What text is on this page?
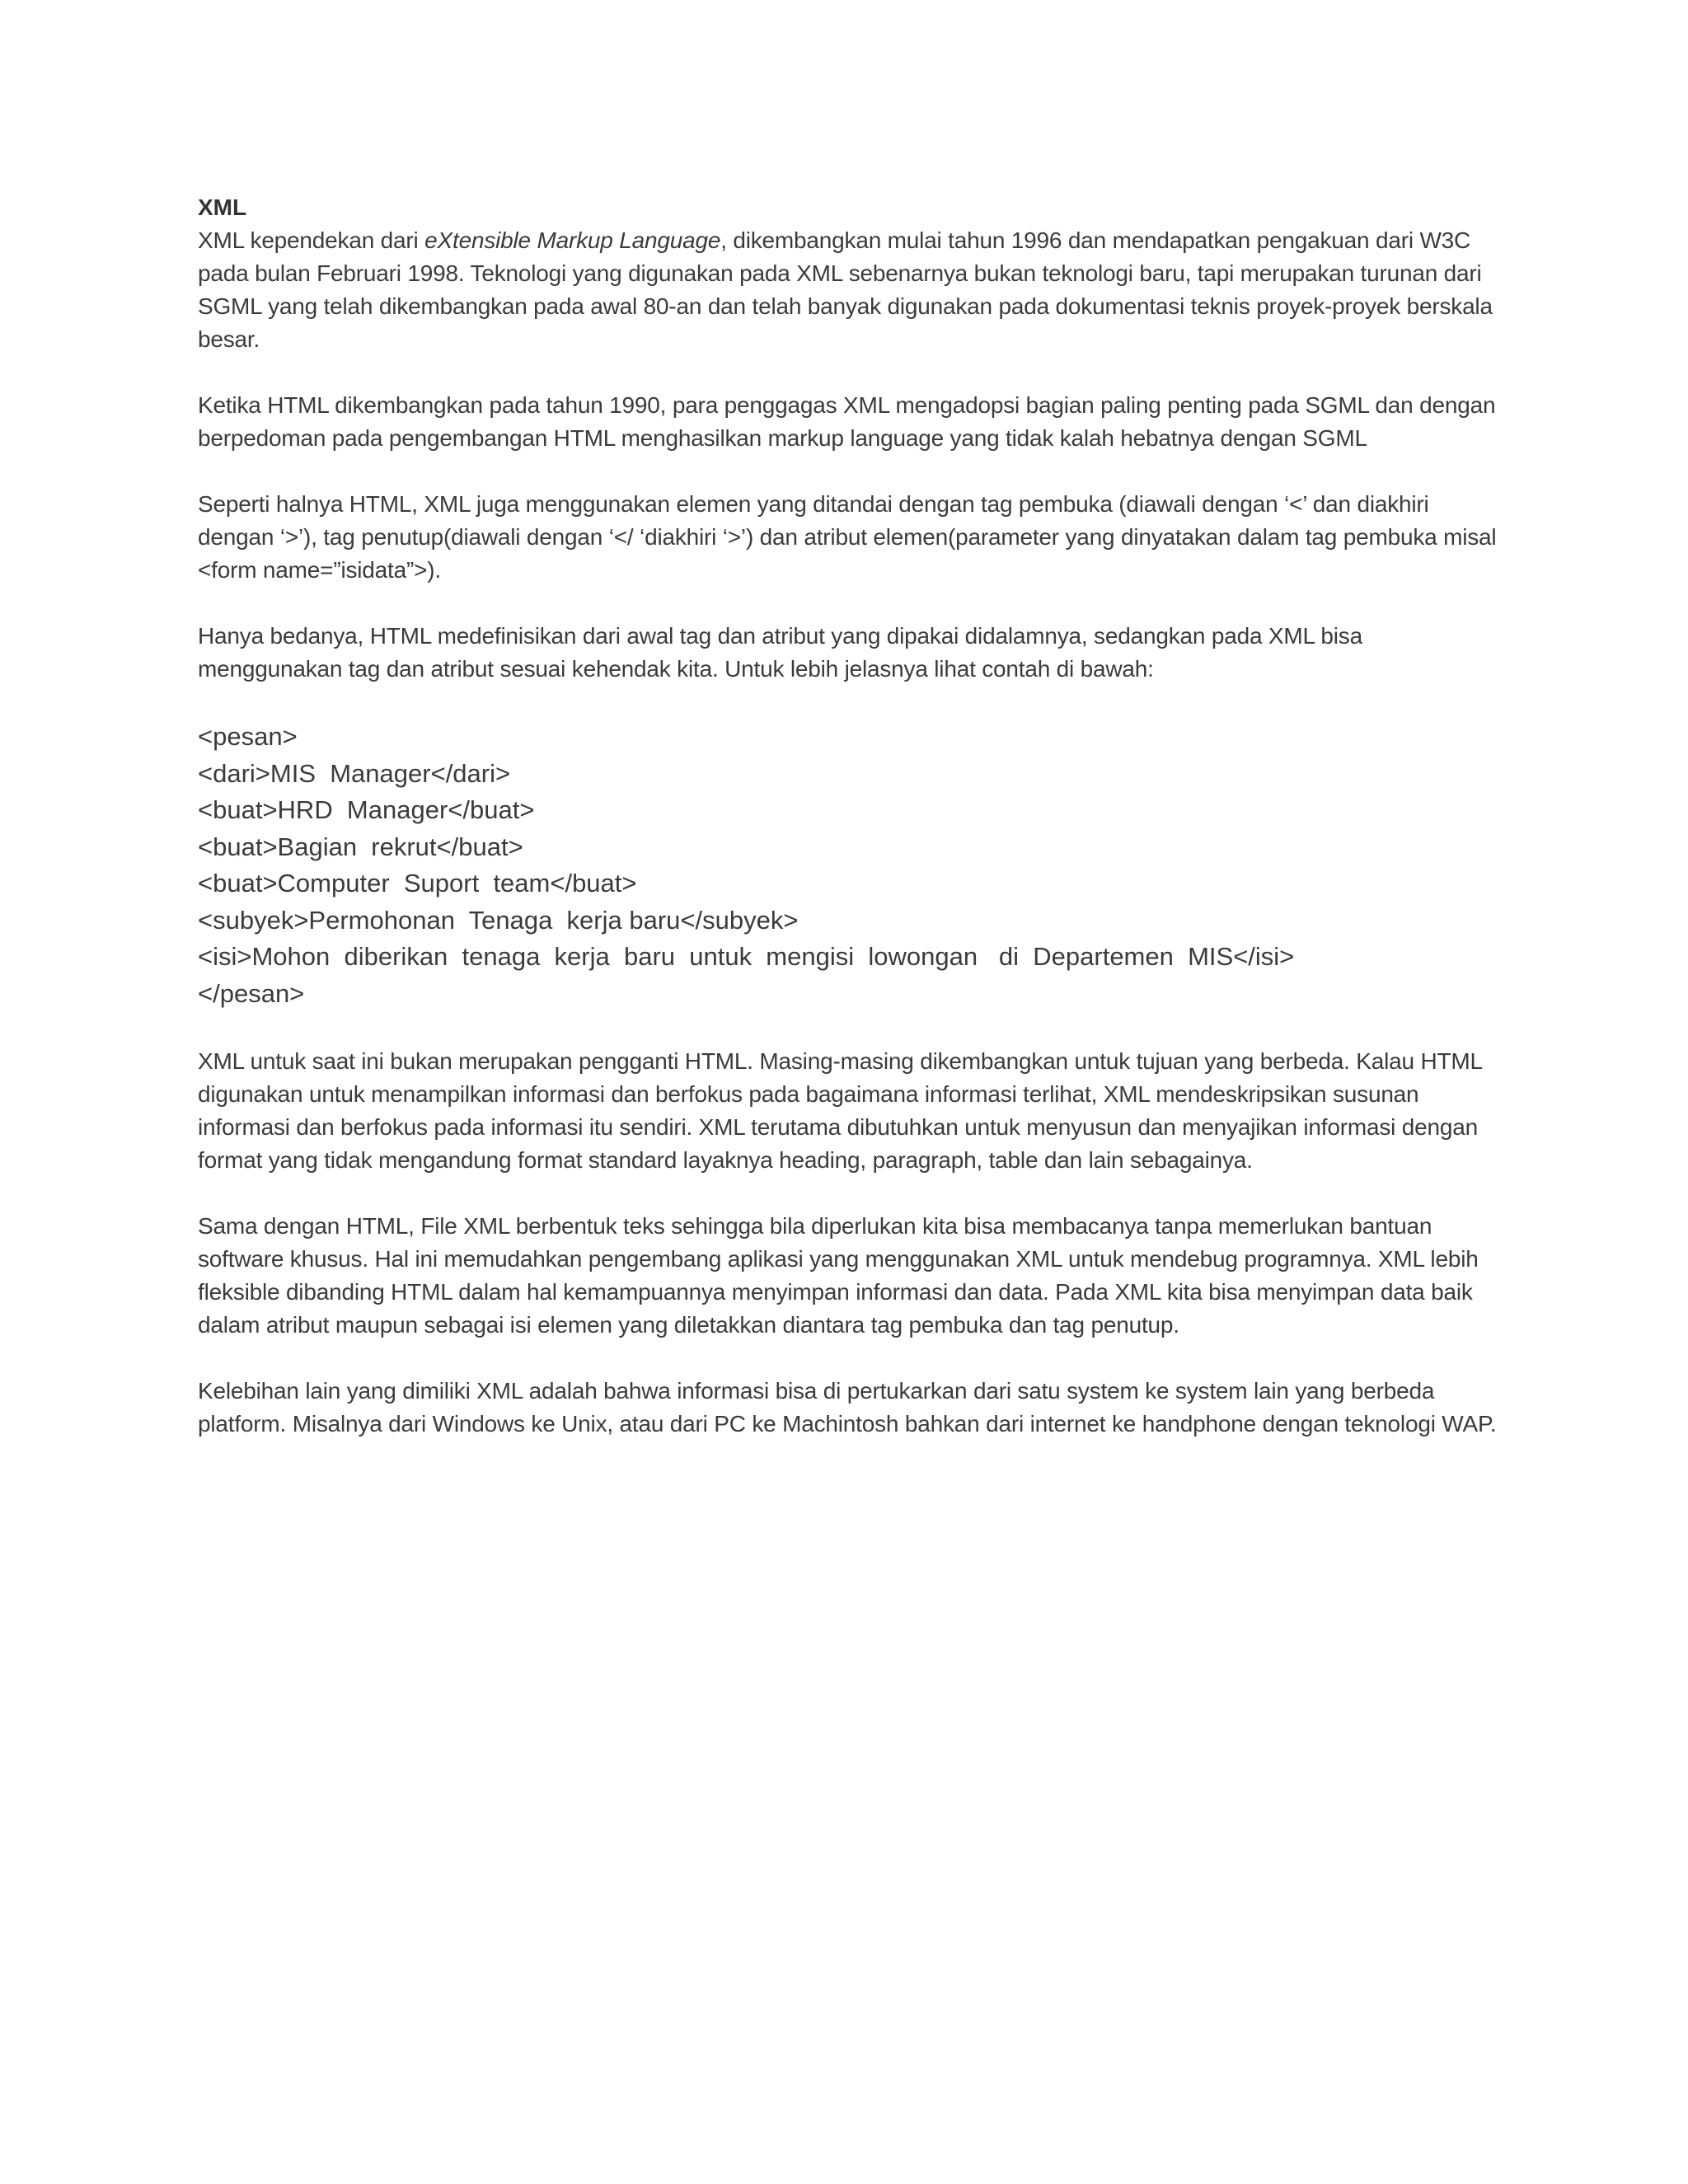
XML

XML kependekan dari eXtensible Markup Language, dikembangkan mulai tahun 1996 dan mendapatkan pengakuan dari W3C pada bulan Februari 1998. Teknologi yang digunakan pada XML sebenarnya bukan teknologi baru, tapi merupakan turunan dari SGML yang telah dikembangkan pada awal 80-an dan telah banyak digunakan pada dokumentasi teknis proyek-proyek berskala besar.

Ketika HTML dikembangkan pada tahun 1990, para penggagas XML mengadopsi bagian paling penting pada SGML dan dengan berpedoman pada pengembangan HTML menghasilkan markup language yang tidak kalah hebatnya dengan SGML

Seperti halnya HTML, XML juga menggunakan elemen yang ditandai dengan tag pembuka (diawali dengan ‘<’ dan diakhiri dengan ‘>’), tag penutup(diawali dengan ‘</ ‘diakhiri ‘>’) dan atribut elemen(parameter yang dinyatakan dalam tag pembuka misal <form name=”isidata”>).

Hanya bedanya, HTML medefinisikan dari awal tag dan atribut yang dipakai didalamnya, sedangkan pada XML bisa menggunakan tag dan atribut sesuai kehendak kita. Untuk lebih jelasnya lihat contah di bawah:

<pesan>

<dari>MIS  Manager</dari>

<buat>HRD  Manager</buat>

<buat>Bagian  rekrut</buat>

<buat>Computer  Suport  team</buat>

<subyek>Permohonan  Tenaga  kerja baru</subyek>

<isi>Mohon  diberikan  tenaga  kerja  baru  untuk  mengisi  lowongan   di  Departemen  MIS</isi>

</pesan>

XML untuk saat ini bukan merupakan pengganti HTML. Masing-masing dikembangkan untuk tujuan yang berbeda. Kalau HTML digunakan untuk menampilkan informasi dan berfokus pada bagaimana informasi terlihat, XML mendeskripsikan susunan informasi dan berfokus pada informasi itu sendiri. XML terutama dibutuhkan untuk menyusun dan menyajikan informasi dengan format yang tidak mengandung format standard layaknya heading, paragraph, table dan lain sebagainya.

Sama dengan HTML, File XML berbentuk teks sehingga bila diperlukan kita bisa membacanya tanpa memerlukan bantuan software khusus. Hal ini memudahkan pengembang aplikasi yang menggunakan XML untuk mendebug programnya. XML lebih fleksible dibanding HTML dalam hal kemampuannya menyimpan informasi dan data. Pada XML kita bisa menyimpan data baik dalam atribut maupun sebagai isi elemen yang diletakkan diantara tag pembuka dan tag penutup.

Kelebihan lain yang dimiliki XML adalah bahwa informasi bisa di pertukarkan dari satu system ke system lain yang berbeda platform. Misalnya dari Windows ke Unix, atau dari PC ke Machintosh bahkan dari internet ke handphone dengan teknologi WAP.
